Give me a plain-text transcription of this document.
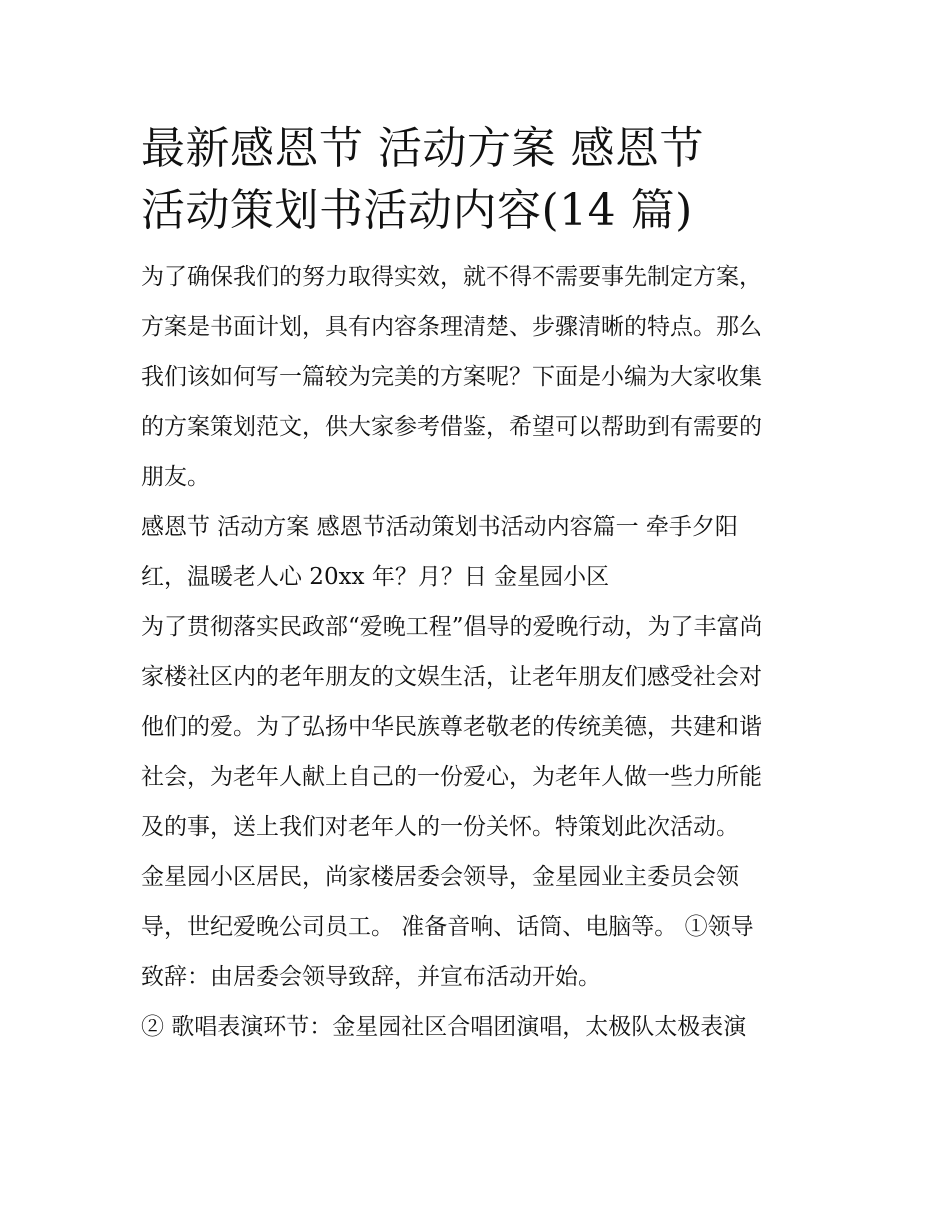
最新感恩节 活动方案 感恩节
活动策划书活动内容(14 篇)
为了确保我们的努力取得实效，就不得不需要事先制定方案，
方案是书面计划，具有内容条理清楚、步骤清晰的特点。那么
我们该如何写一篇较为完美的方案呢？下面是小编为大家收集
的方案策划范文，供大家参考借鉴，希望可以帮助到有需要的
朋友。
感恩节 活动方案 感恩节活动策划书活动内容篇一 牵手夕阳
红，温暖老人心 20xx 年？月？日 金星园小区
为了贯彻落实民政部“爱晚工程”倡导的爱晚行动，为了丰富尚
家楼社区内的老年朋友的文娱生活，让老年朋友们感受社会对
他们的爱。为了弘扬中华民族尊老敬老的传统美德，共建和谐
社会，为老年人献上自己的一份爱心，为老年人做一些力所能
及的事，送上我们对老年人的一份关怀。特策划此次活动。
金星园小区居民，尚家楼居委会领导，金星园业主委员会领
导，世纪爱晚公司员工。 准备音响、话筒、电脑等。 ①领导
致辞：由居委会领导致辞，并宣布活动开始。
② 歌唱表演环节：金星园社区合唱团演唱，太极队太极表演
